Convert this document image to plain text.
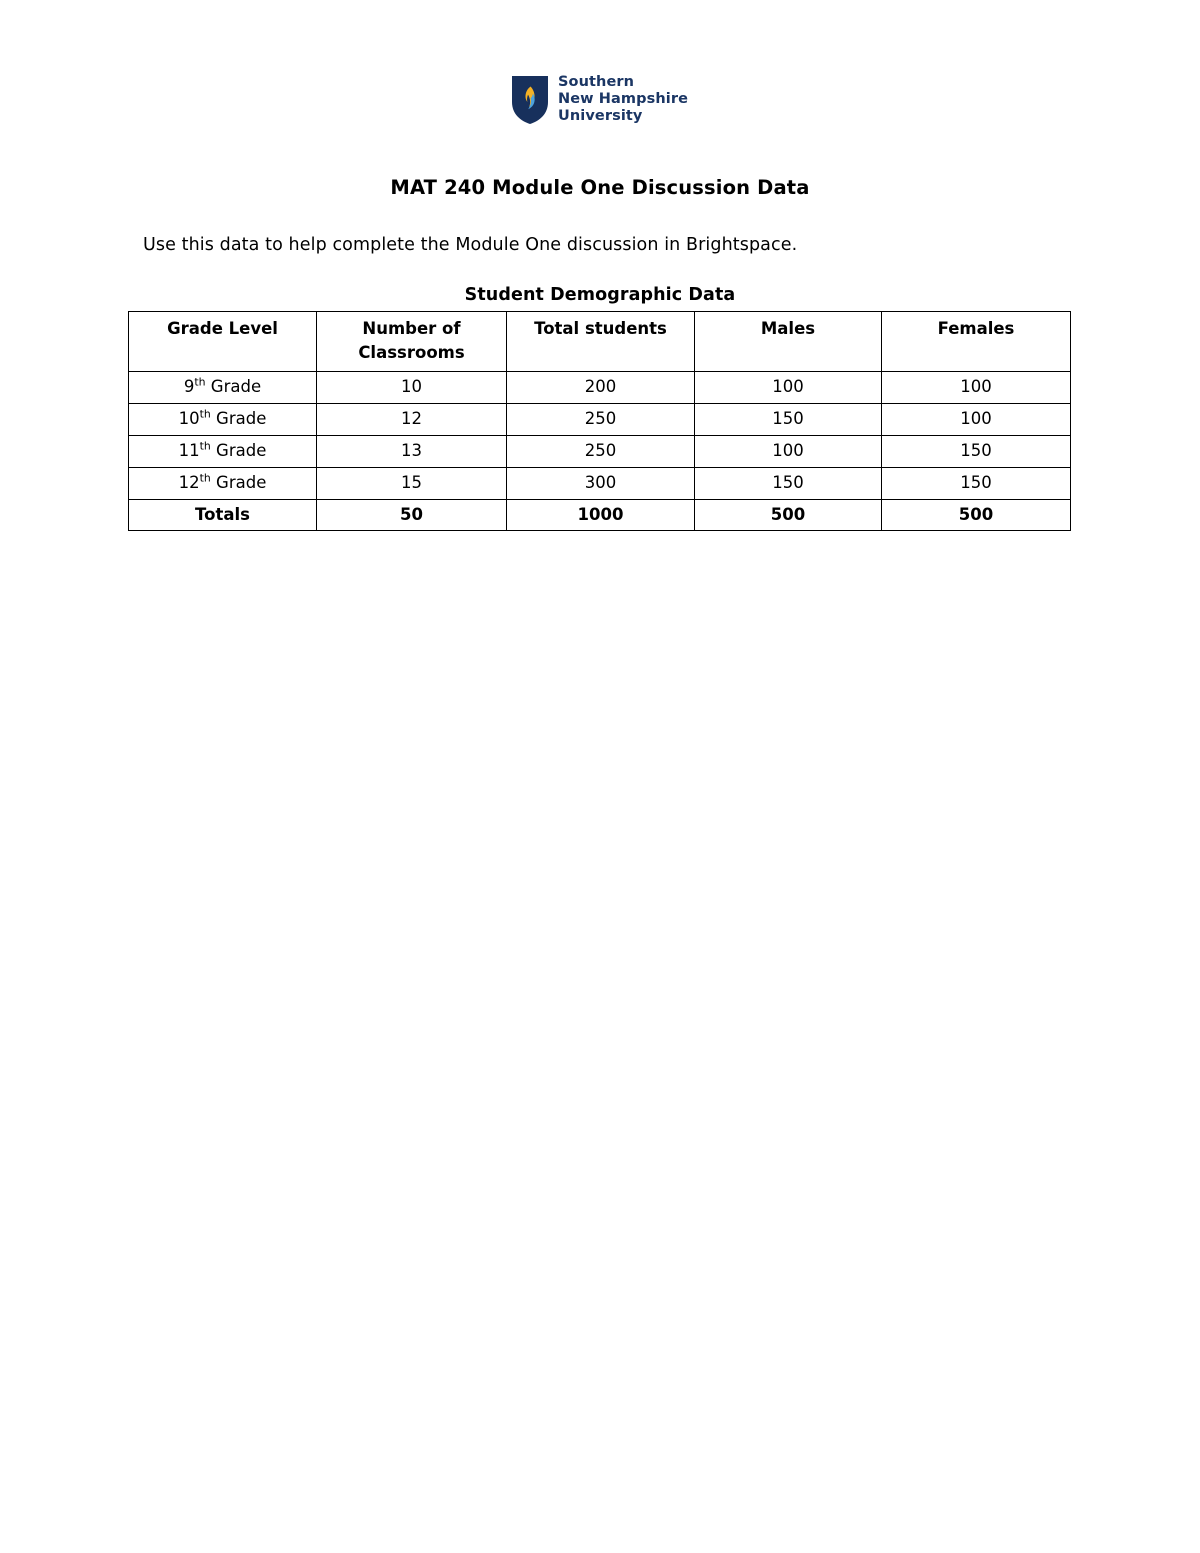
Southern
New Hampshire
University
MAT 240 Module One Discussion Data

Use this data to help complete the Module One discussion in Brightspace.

Student Demographic Data
Grade Level	Number of Classrooms	Total students	Males	Females
9th Grade	10	200	100	100
10th Grade	12	250	150	100
11th Grade	13	250	100	150
12th Grade	15	300	150	150
Totals	50	1000	500	500
